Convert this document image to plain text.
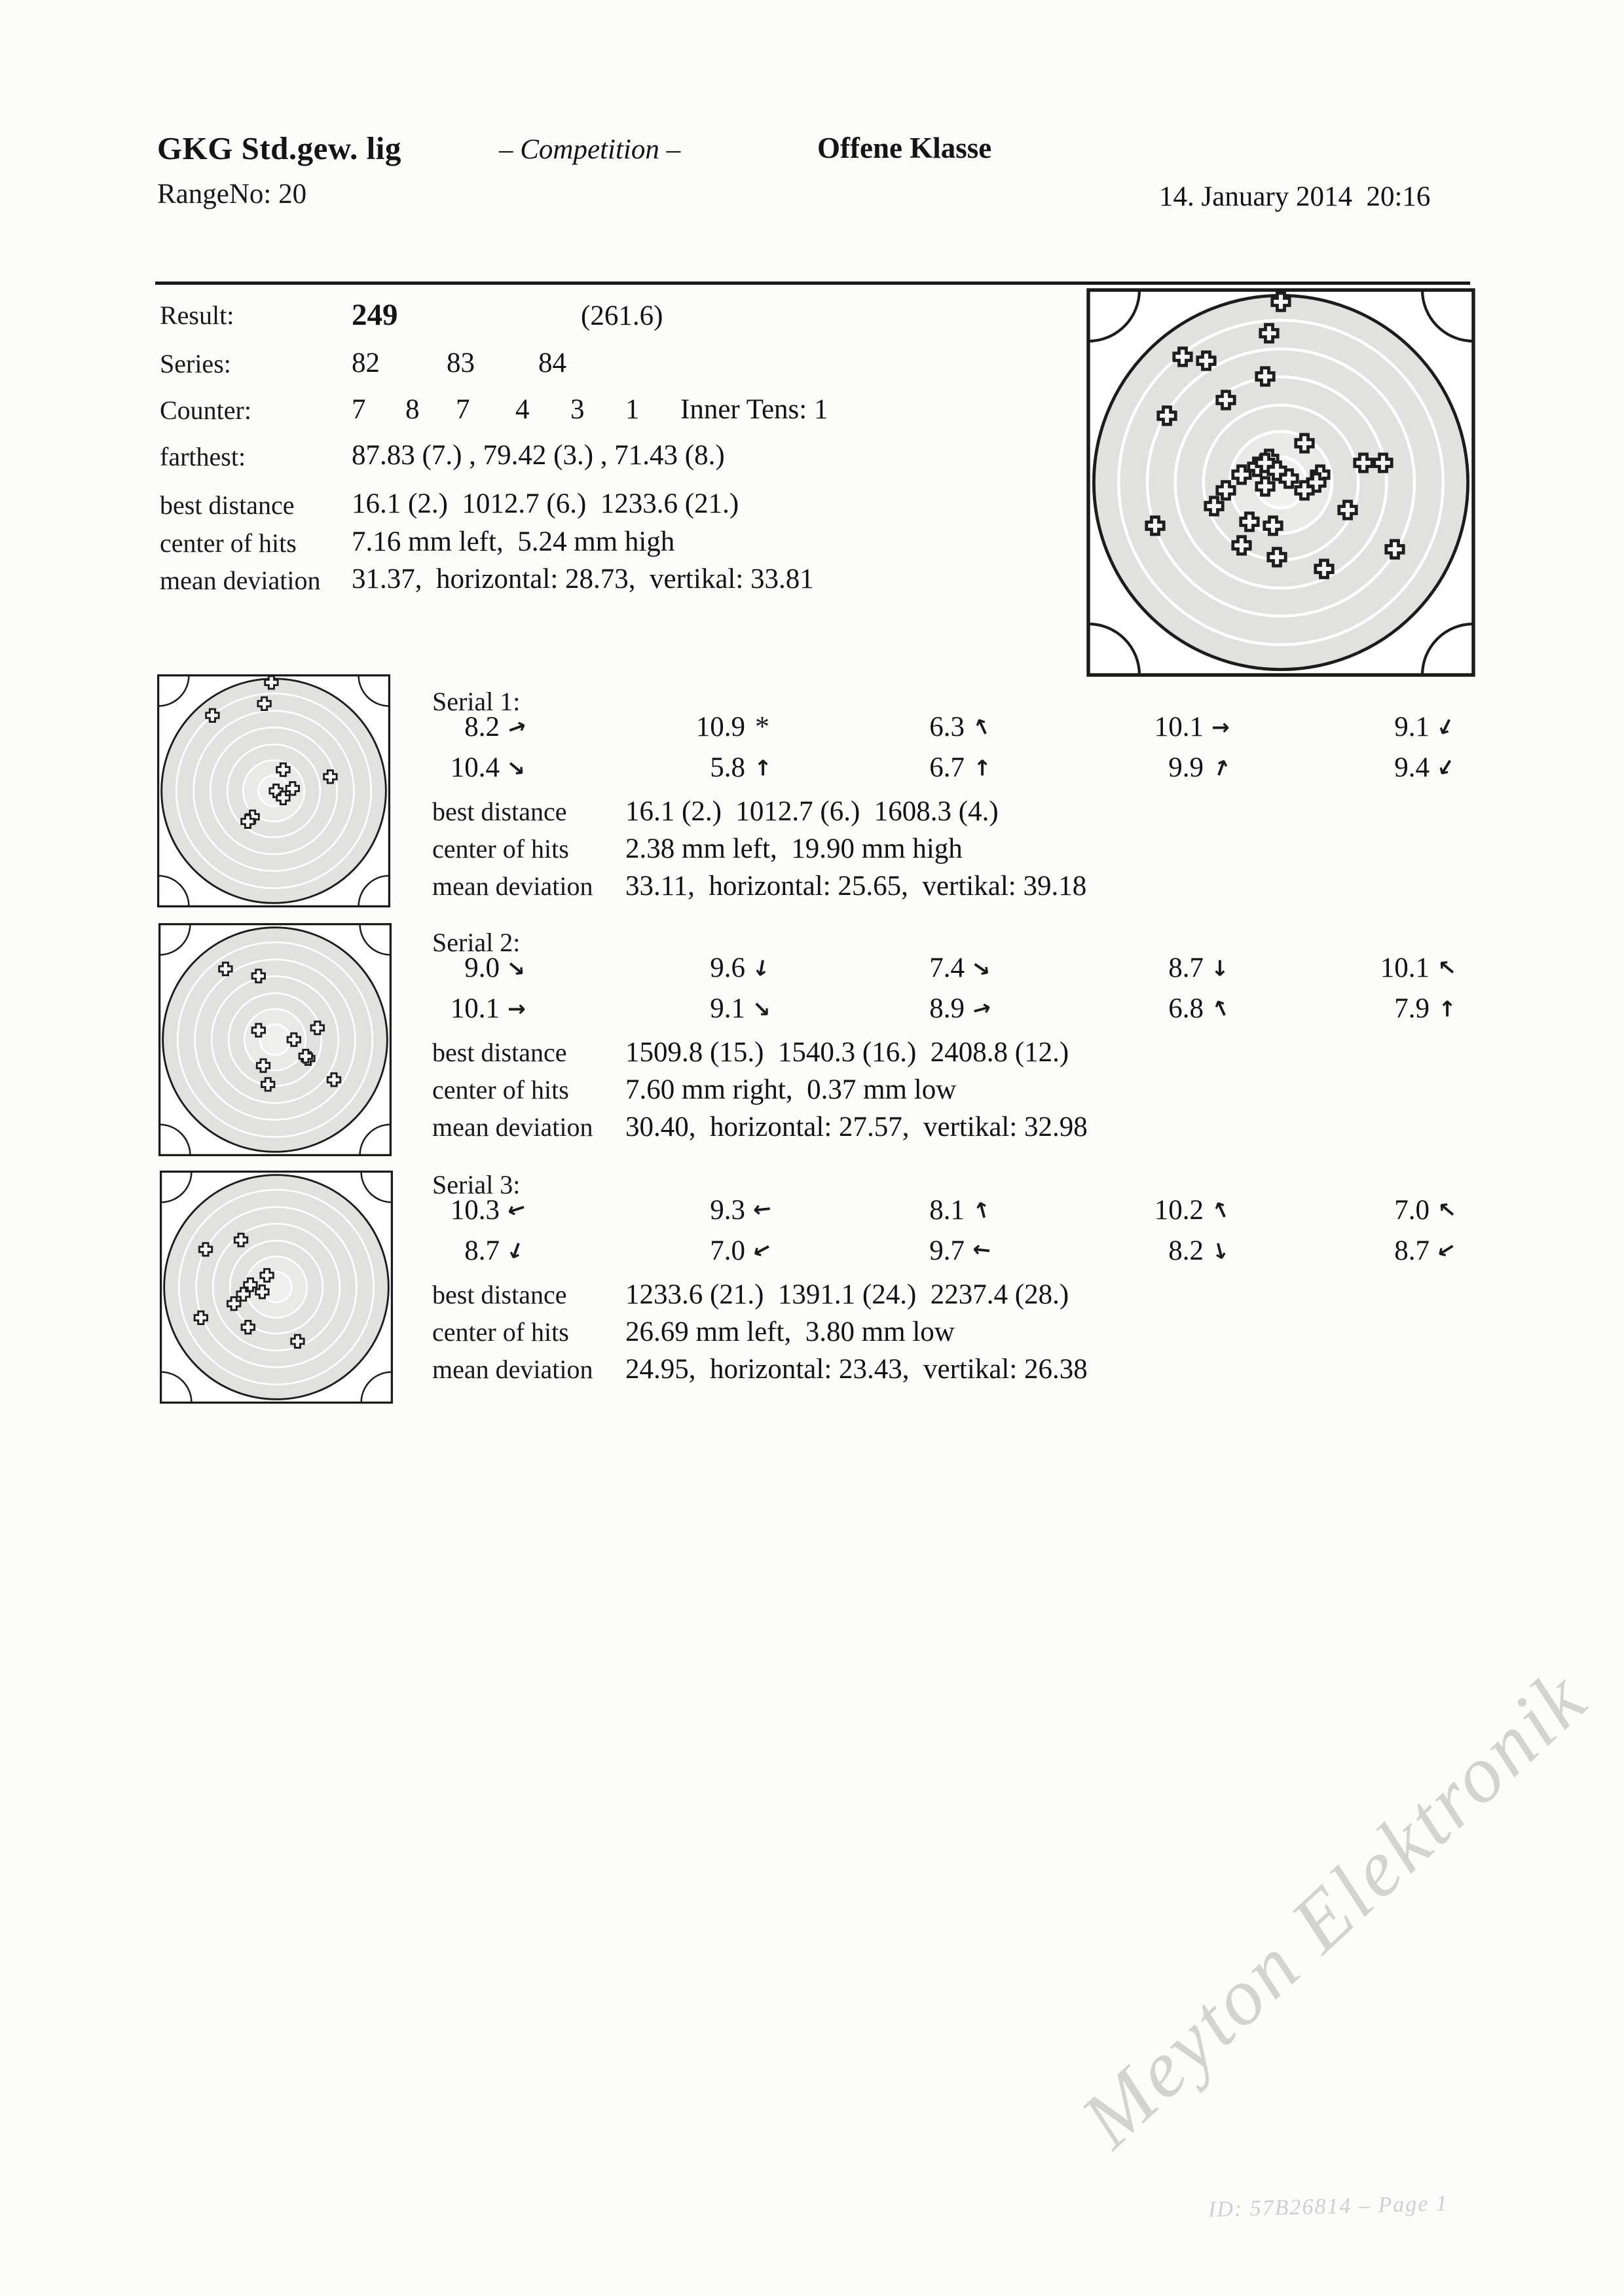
GKG Std.gew. lig	– Competition –	Offene Klasse
RangeNo: 20	14. January 2014  20:16
Result:	249	(261.6)
Series:	82 83 84
Counter:	7 8 7 4 3 1 Inner Tens: 1
farthest:	87.83 (7.) , 79.42 (3.) , 71.43 (8.)
best distance 16.1 (2.)  1012.7 (6.)  1233.6 (21.)
center of hits 7.16 mm left,  5.24 mm high
mean deviation 31.37,  horizontal: 28.73,  vertikal: 33.81
Serial 1:
8.2 →	10.9 *	6.3 →	10.1 →	9.1 →
10.4 →	5.8 →	6.7 →	9.9 →	9.4 →
best distance 16.1 (2.)  1012.7 (6.)  1608.3 (4.)
center of hits 2.38 mm left,  19.90 mm high
mean deviation 33.11,  horizontal: 25.65,  vertikal: 39.18
Serial 2:
9.0 →	9.6 →	7.4 →	8.7 →	10.1 →
10.1 →	9.1 →	8.9 →	6.8 →	7.9 →
best distance 1509.8 (15.)  1540.3 (16.)  2408.8 (12.)
center of hits 7.60 mm right,  0.37 mm low
mean deviation 30.40,  horizontal: 27.57,  vertikal: 32.98
Serial 3:
10.3 →	9.3 →	8.1 →	10.2 →	7.0 →
8.7 →	7.0 →	9.7 →	8.2 →	8.7 →
best distance 1233.6 (21.)  1391.1 (24.)  2237.4 (28.)
center of hits 26.69 mm left,  3.80 mm low
mean deviation 24.95,  horizontal: 23.43,  vertikal: 26.38
Meyton Elektronik
ID: 57B26814 – Page 1
